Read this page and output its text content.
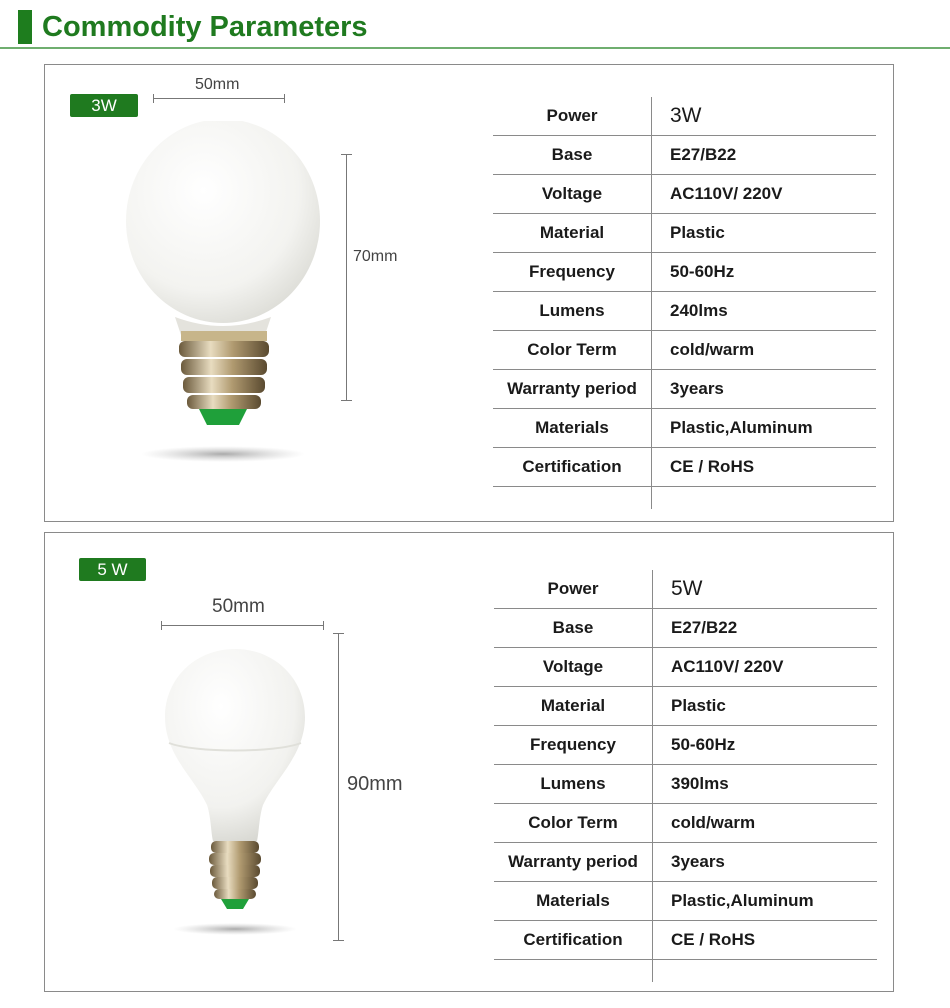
Commodity Parameters
3W
50mm
70mm
Power	3W
Base	E27/B22
Voltage	AC110V/ 220V
Material	Plastic
Frequency	50-60Hz
Lumens	240lms
Color Term	cold/warm
Warranty period	3years
Materials	Plastic,Aluminum
Certification	CE / RoHS

5 W
50mm
90mm
Power	5W
Base	E27/B22
Voltage	AC110V/ 220V
Material	Plastic
Frequency	50-60Hz
Lumens	390lms
Color Term	cold/warm
Warranty period	3years
Materials	Plastic,Aluminum
Certification	CE / RoHS
